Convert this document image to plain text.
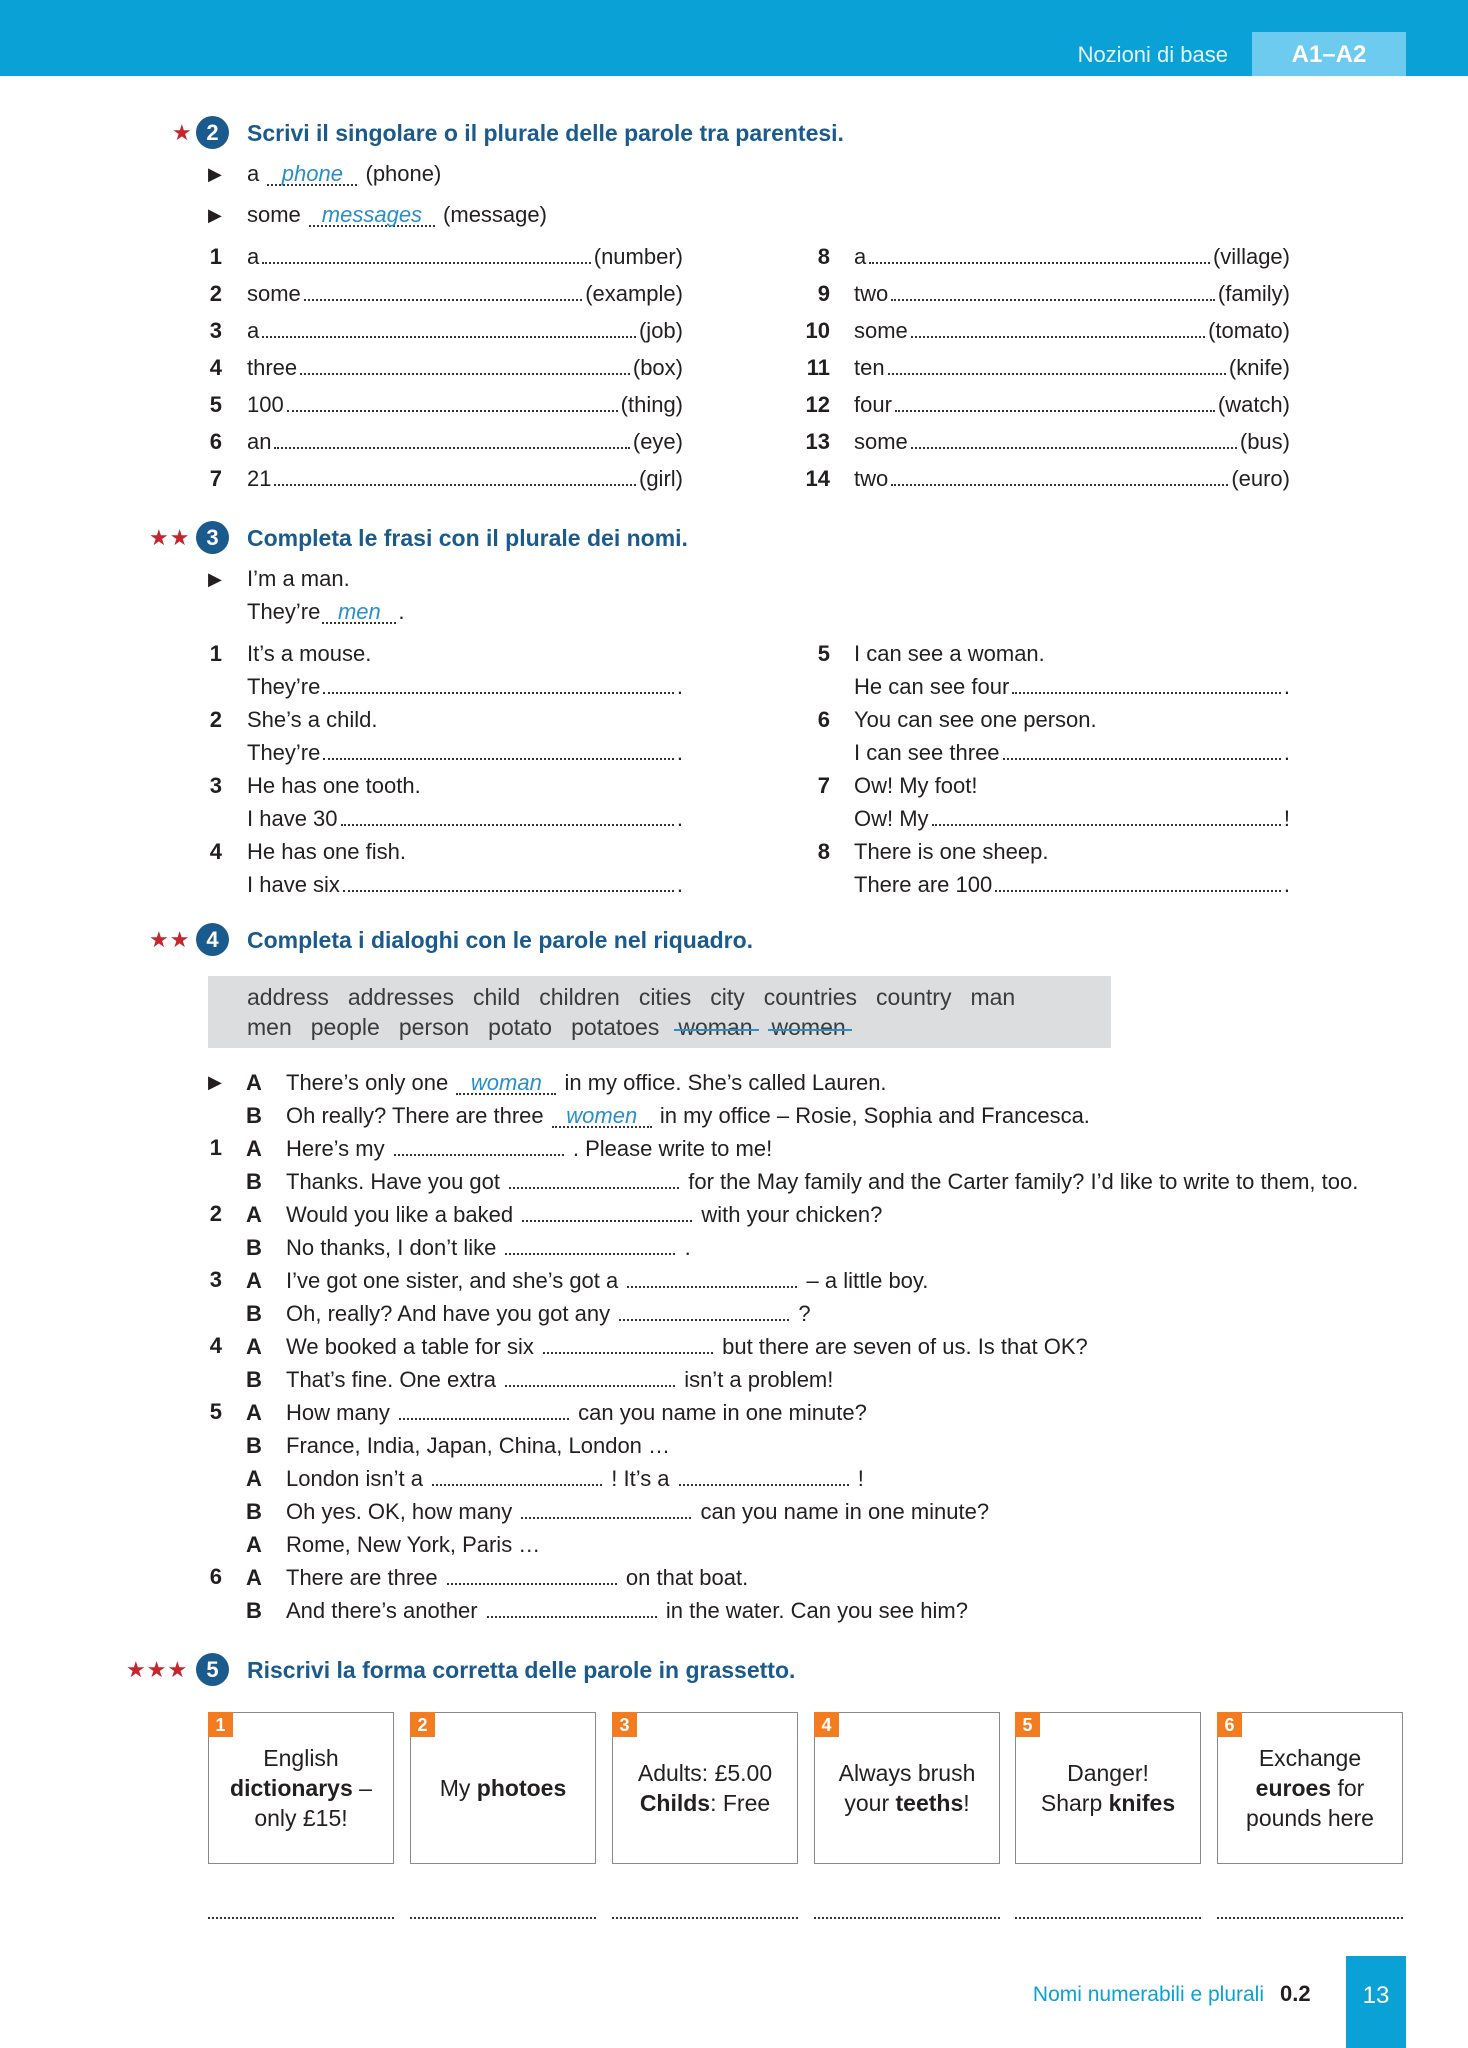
Nozioni di base	A1–A2
★ 2	Scrivi il singolare o il plurale delle parole tra parentesi.
▶ a phone (phone)
▶ some messages (message)
1 a	(number)
2 some	(example)
3 a	(job)
4 three	(box)
5 100	(thing)
6 an	(eye)
7 21	(girl)
8 a	(village)
9 two	(family)
10 some	(tomato)
11 ten	(knife)
12 four	(watch)
13 some	(bus)
14 two	(euro)
★★ 3	Completa le frasi con il plurale dei nomi.
▶ I’m a man.
They’re men .
1 It’s a mouse.
They’re	.
2 She’s a child.
They’re	.
3 He has one tooth.
I have 30	.
4 He has one fish.
I have six	.
5 I can see a woman.
He can see four	.
6 You can see one person.
I can see three	.
7 Ow! My foot!
Ow! My	!
8 There is one sheep.
There are 100	.
★★ 4	Completa i dialoghi con le parole nel riquadro.
address addresses child children cities city countries country man
men people person potato potatoes woman women
▶ A There’s only one woman in my office. She’s called Lauren.
B Oh really? There are three women in my office – Rosie, Sophia and Francesca.
1 A Here’s my	. Please write to me!
B Thanks. Have you got	for the May family and the Carter family? I’d like to write to them, too.
2 A Would you like a baked	with your chicken?
B No thanks, I don’t like	.
3 A I’ve got one sister, and she’s got a	– a little boy.
B Oh, really? And have you got any	?
4 A We booked a table for six	but there are seven of us. Is that OK?
B That’s fine. One extra	isn’t a problem!
5 A How many	can you name in one minute?
B France, India, Japan, China, London …
A London isn’t a	! It’s a	!
B Oh yes. OK, how many	can you name in one minute?
A Rome, New York, Paris …
6 A There are three	on that boat.
B And there’s another	in the water. Can you see him?
★★★ 5	Riscrivi la forma corretta delle parole in grassetto.
1
English
dictionarys –
only £15!
2
My photoes
3
Adults: £5.00
Childs: Free
4
Always brush
your teeths!
5
Danger!
Sharp knifes
6
Exchange
euroes for
pounds here
Nomi numerabili e plurali 0.2	13
